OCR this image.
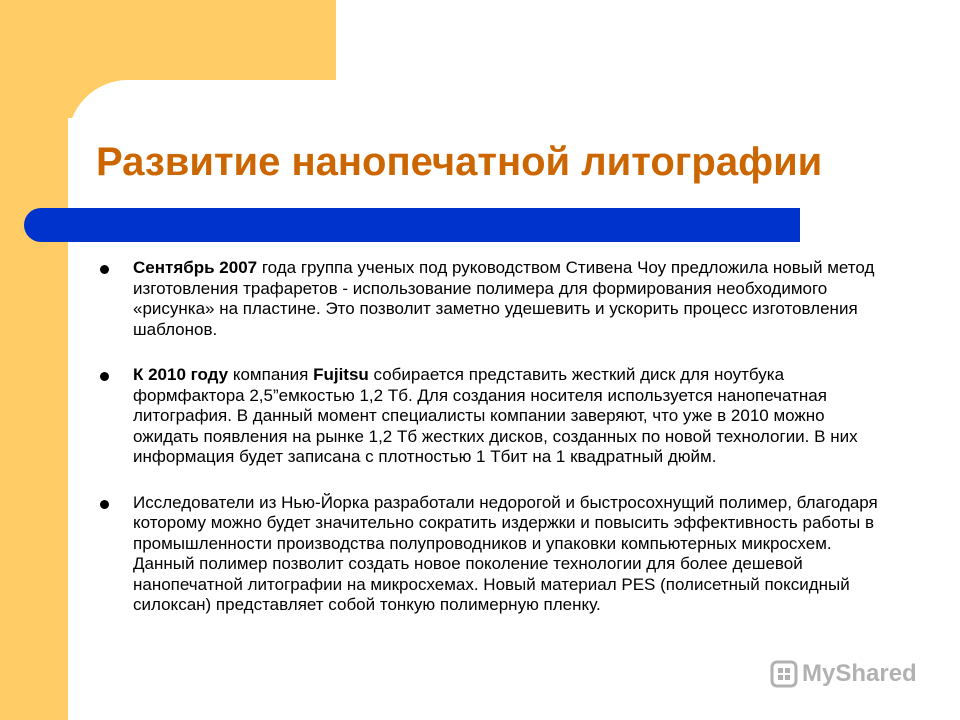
Развитие нанопечатной литографии
Сентябрь 2007 года группа ученых под руководством Стивена Чоу предложила новый метод изготовления трафаретов - использование полимера для формирования необходимого «рисунка» на пластине. Это позволит заметно удешевить и ускорить процесс изготовления шаблонов.
К 2010 году компания Fujitsu собирается представить жесткий диск для ноутбука формфактора 2,5”емкостью 1,2 Тб. Для создания носителя используется нанопечатная литография. В данный момент специалисты компании заверяют, что уже в 2010 можно ожидать появления на рынке 1,2 Тб жестких дисков, созданных по новой технологии. В них информация будет записана с плотностью 1 Тбит на 1 квадратный дюйм.
Исследователи из Нью-Йорка разработали недорогой и быстросохнущий полимер, благодаря которому можно будет значительно сократить издержки и повысить эффективность работы в промышленности производства полупроводников и упаковки компьютерных микросхем. Данный полимер позволит создать новое поколение технологии для более дешевой нанопечатной литографии на микросхемах. Новый материал PES (полисетный поксидный силоксан) представляет собой тонкую полимерную пленку.
MyShared
